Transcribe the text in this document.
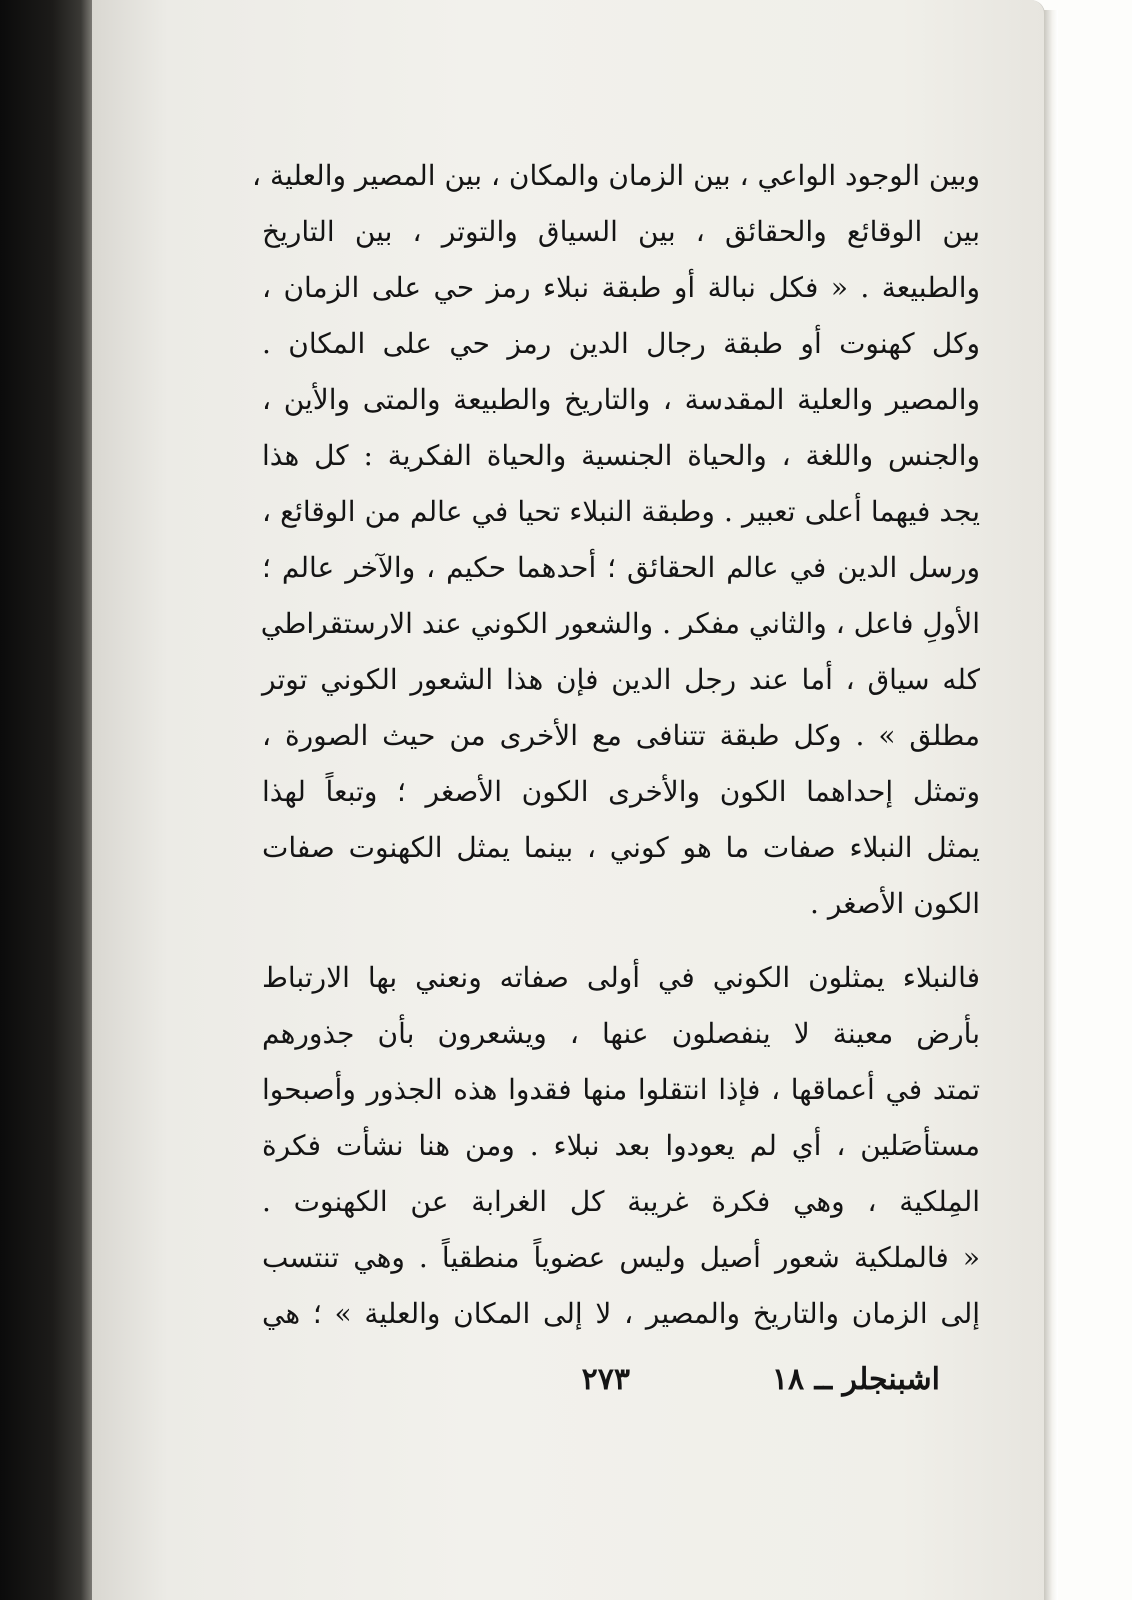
وبين الوجود الواعي ، بين الزمان والمكان ، بين المصير والعلية ،
بين الوقائع والحقائق ، بين السياق والتوتر ، بين التاريخ
والطبيعة . « فكل نبالة أو طبقة نبلاء رمز حي على الزمان ،
وكل كهنوت أو طبقة رجال الدين رمز حي على المكان .
والمصير والعلية المقدسة ، والتاريخ والطبيعة والمتى والأين ،
والجنس واللغة ، والحياة الجنسية والحياة الفكرية : كل هذا
يجد فيهما أعلى تعبير . وطبقة النبلاء تحيا في عالم من الوقائع ،
ورسل الدين في عالم الحقائق ؛ أحدهما حكيم ، والآخر عالم ؛
الأولِ فاعل ، والثاني مفكر . والشعور الكوني عند الارستقراطي
كله سياق ، أما عند رجل الدين فإن هذا الشعور الكوني توتر
مطلق » . وكل طبقة تتنافى مع الأخرى من حيث الصورة ،
وتمثل إحداهما الكون والأخرى الكون الأصغر ؛ وتبعاً لهذا
يمثل النبلاء صفات ما هو كوني ، بينما يمثل الكهنوت صفات
الكون الأصغر .
فالنبلاء يمثلون الكوني في أولى صفاته ونعني بها الارتباط
بأرض معينة لا ينفصلون عنها ، ويشعرون بأن جذورهم
تمتد في أعماقها ، فإذا انتقلوا منها فقدوا هذه الجذور وأصبحوا
مستأصَلين ، أي لم يعودوا بعد نبلاء . ومن هنا نشأت فكرة
المِلكية ، وهي فكرة غريبة كل الغرابة عن الكهنوت .
« فالملكية شعور أصيل وليس عضوياً منطقياً . وهي تنتسب
إلى الزمان والتاريخ والمصير ، لا إلى المكان والعلية » ؛ هي
اشبنجلر ــ ١٨
٢٧٣
